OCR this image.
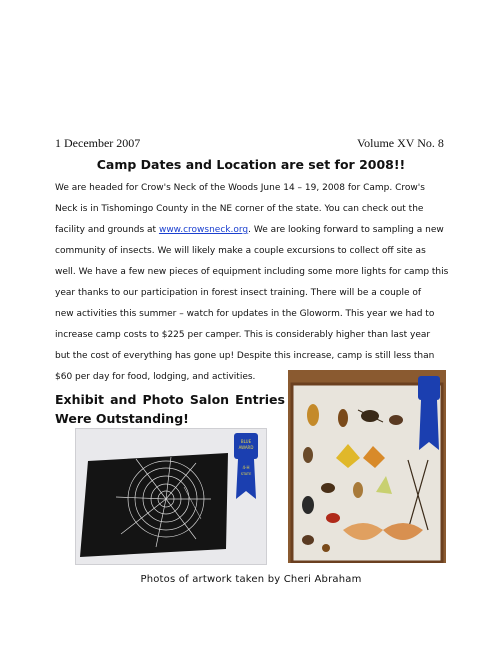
1 December 2007	Volume XV No. 8
Camp Dates and Location are set for 2008!!
We are headed for Crow's Neck of the Woods June 14 – 19, 2008 for Camp. Crow's
Neck is in Tishomingo County in the NE corner of the state. You can check out the
facility and grounds at www.crowsneck.org. We are looking forward to sampling a new
community of insects. We will likely make a couple excursions to collect off site as
well. We have a few new pieces of equipment including some more lights for camp this
year thanks to our participation in forest insect training. There will be a couple of
new activities this summer – watch for updates in the Gloworm. This year we had to
increase camp costs to $225 per camper. This is considerably higher than last year
but the cost of everything has gone up! Despite this increase, camp is still less than
$60 per day for food, lodging, and activities.
Exhibit and Photo Salon Entries
Were Outstanding!
BLUE
AWARD
4-H
STATE
Photos of artwork taken by Cheri Abraham
